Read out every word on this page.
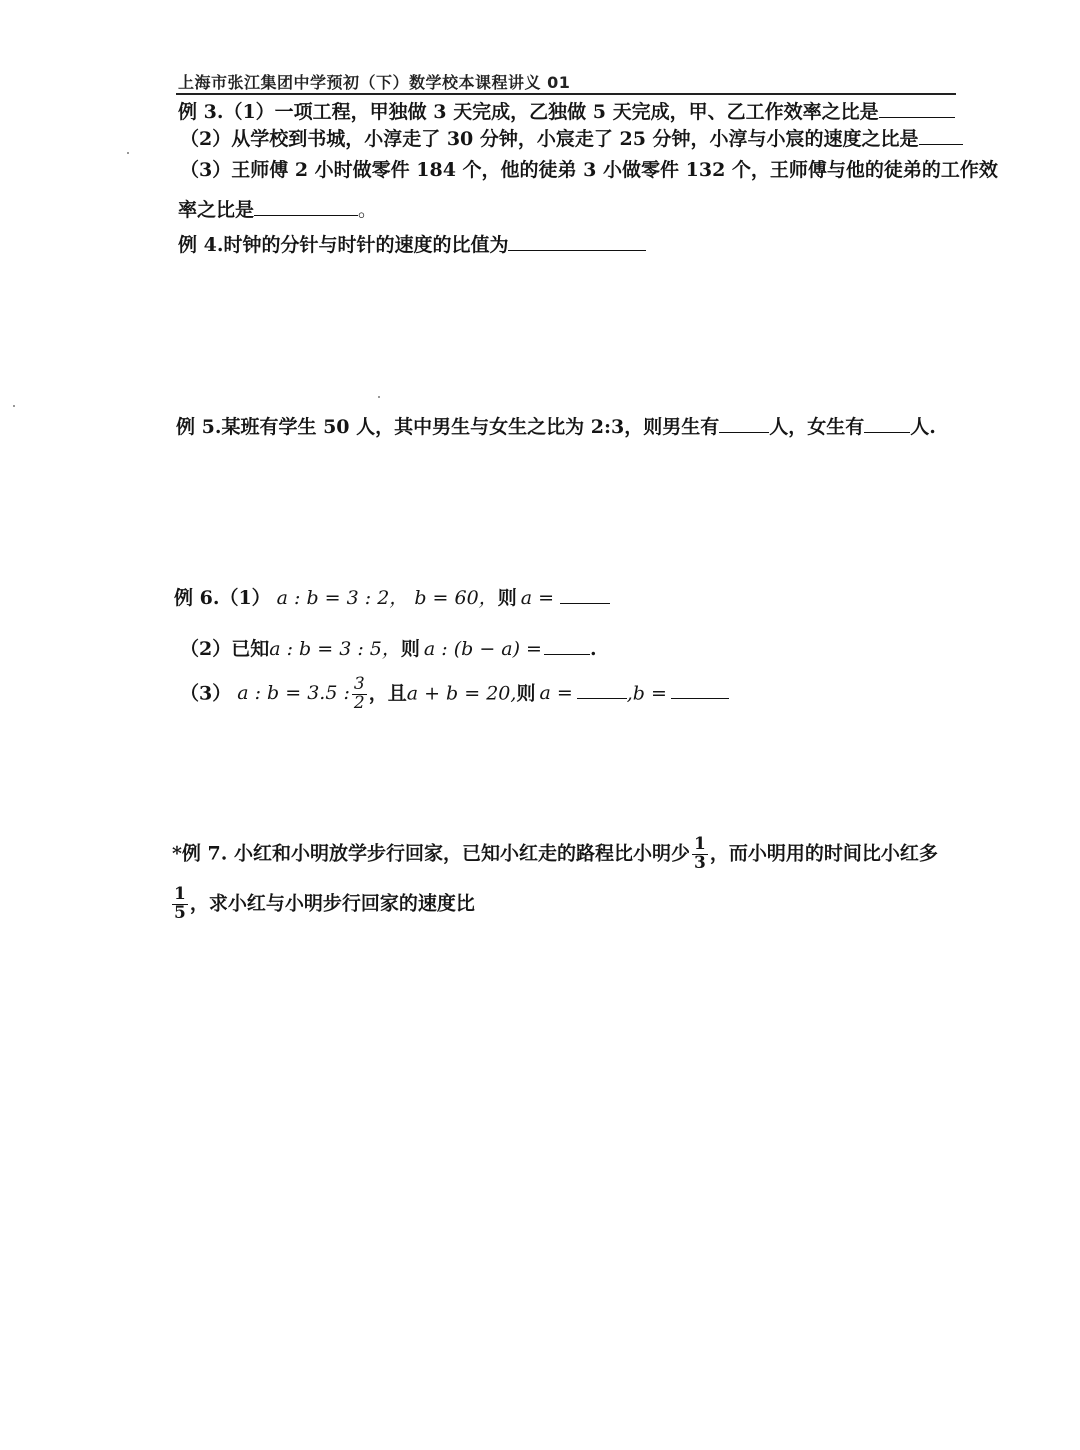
上海市张江集团中学预初（下）数学校本课程讲义 01
例 3.（1）一项工程，甲独做 3 天完成，乙独做 5 天完成，甲、乙工作效率之比是
（2）从学校到书城，小淳走了 30 分钟，小宸走了 25 分钟，小淳与小宸的速度之比是
（3）王师傅 2 小时做零件 184 个，他的徒弟 3 小做零件 132 个，王师傅与他的徒弟的工作效
率之比是	。
例 4.时钟的分针与时针的速度的比值为
例 5.某班有学生 50 人，其中男生与女生之比为 2:3，则男生有	人，女生有 人.
例 6.（1） a : b = 3 : 2， b = 60，则 a =
（2）已知a : b = 3 : 5，则 a : (b − a) =	.
（3） a : b = 3.5 : $\frac{3}{2}$ ，且a + b = 20,则 a =	,b =
*例 7. 小红和小明放学步行回家，已知小红走的路程比小明少 $\frac{1}{3}$ ，而小明用的时间比小红多
$\frac{1}{5}$ ，求小红与小明步行回家的速度比
